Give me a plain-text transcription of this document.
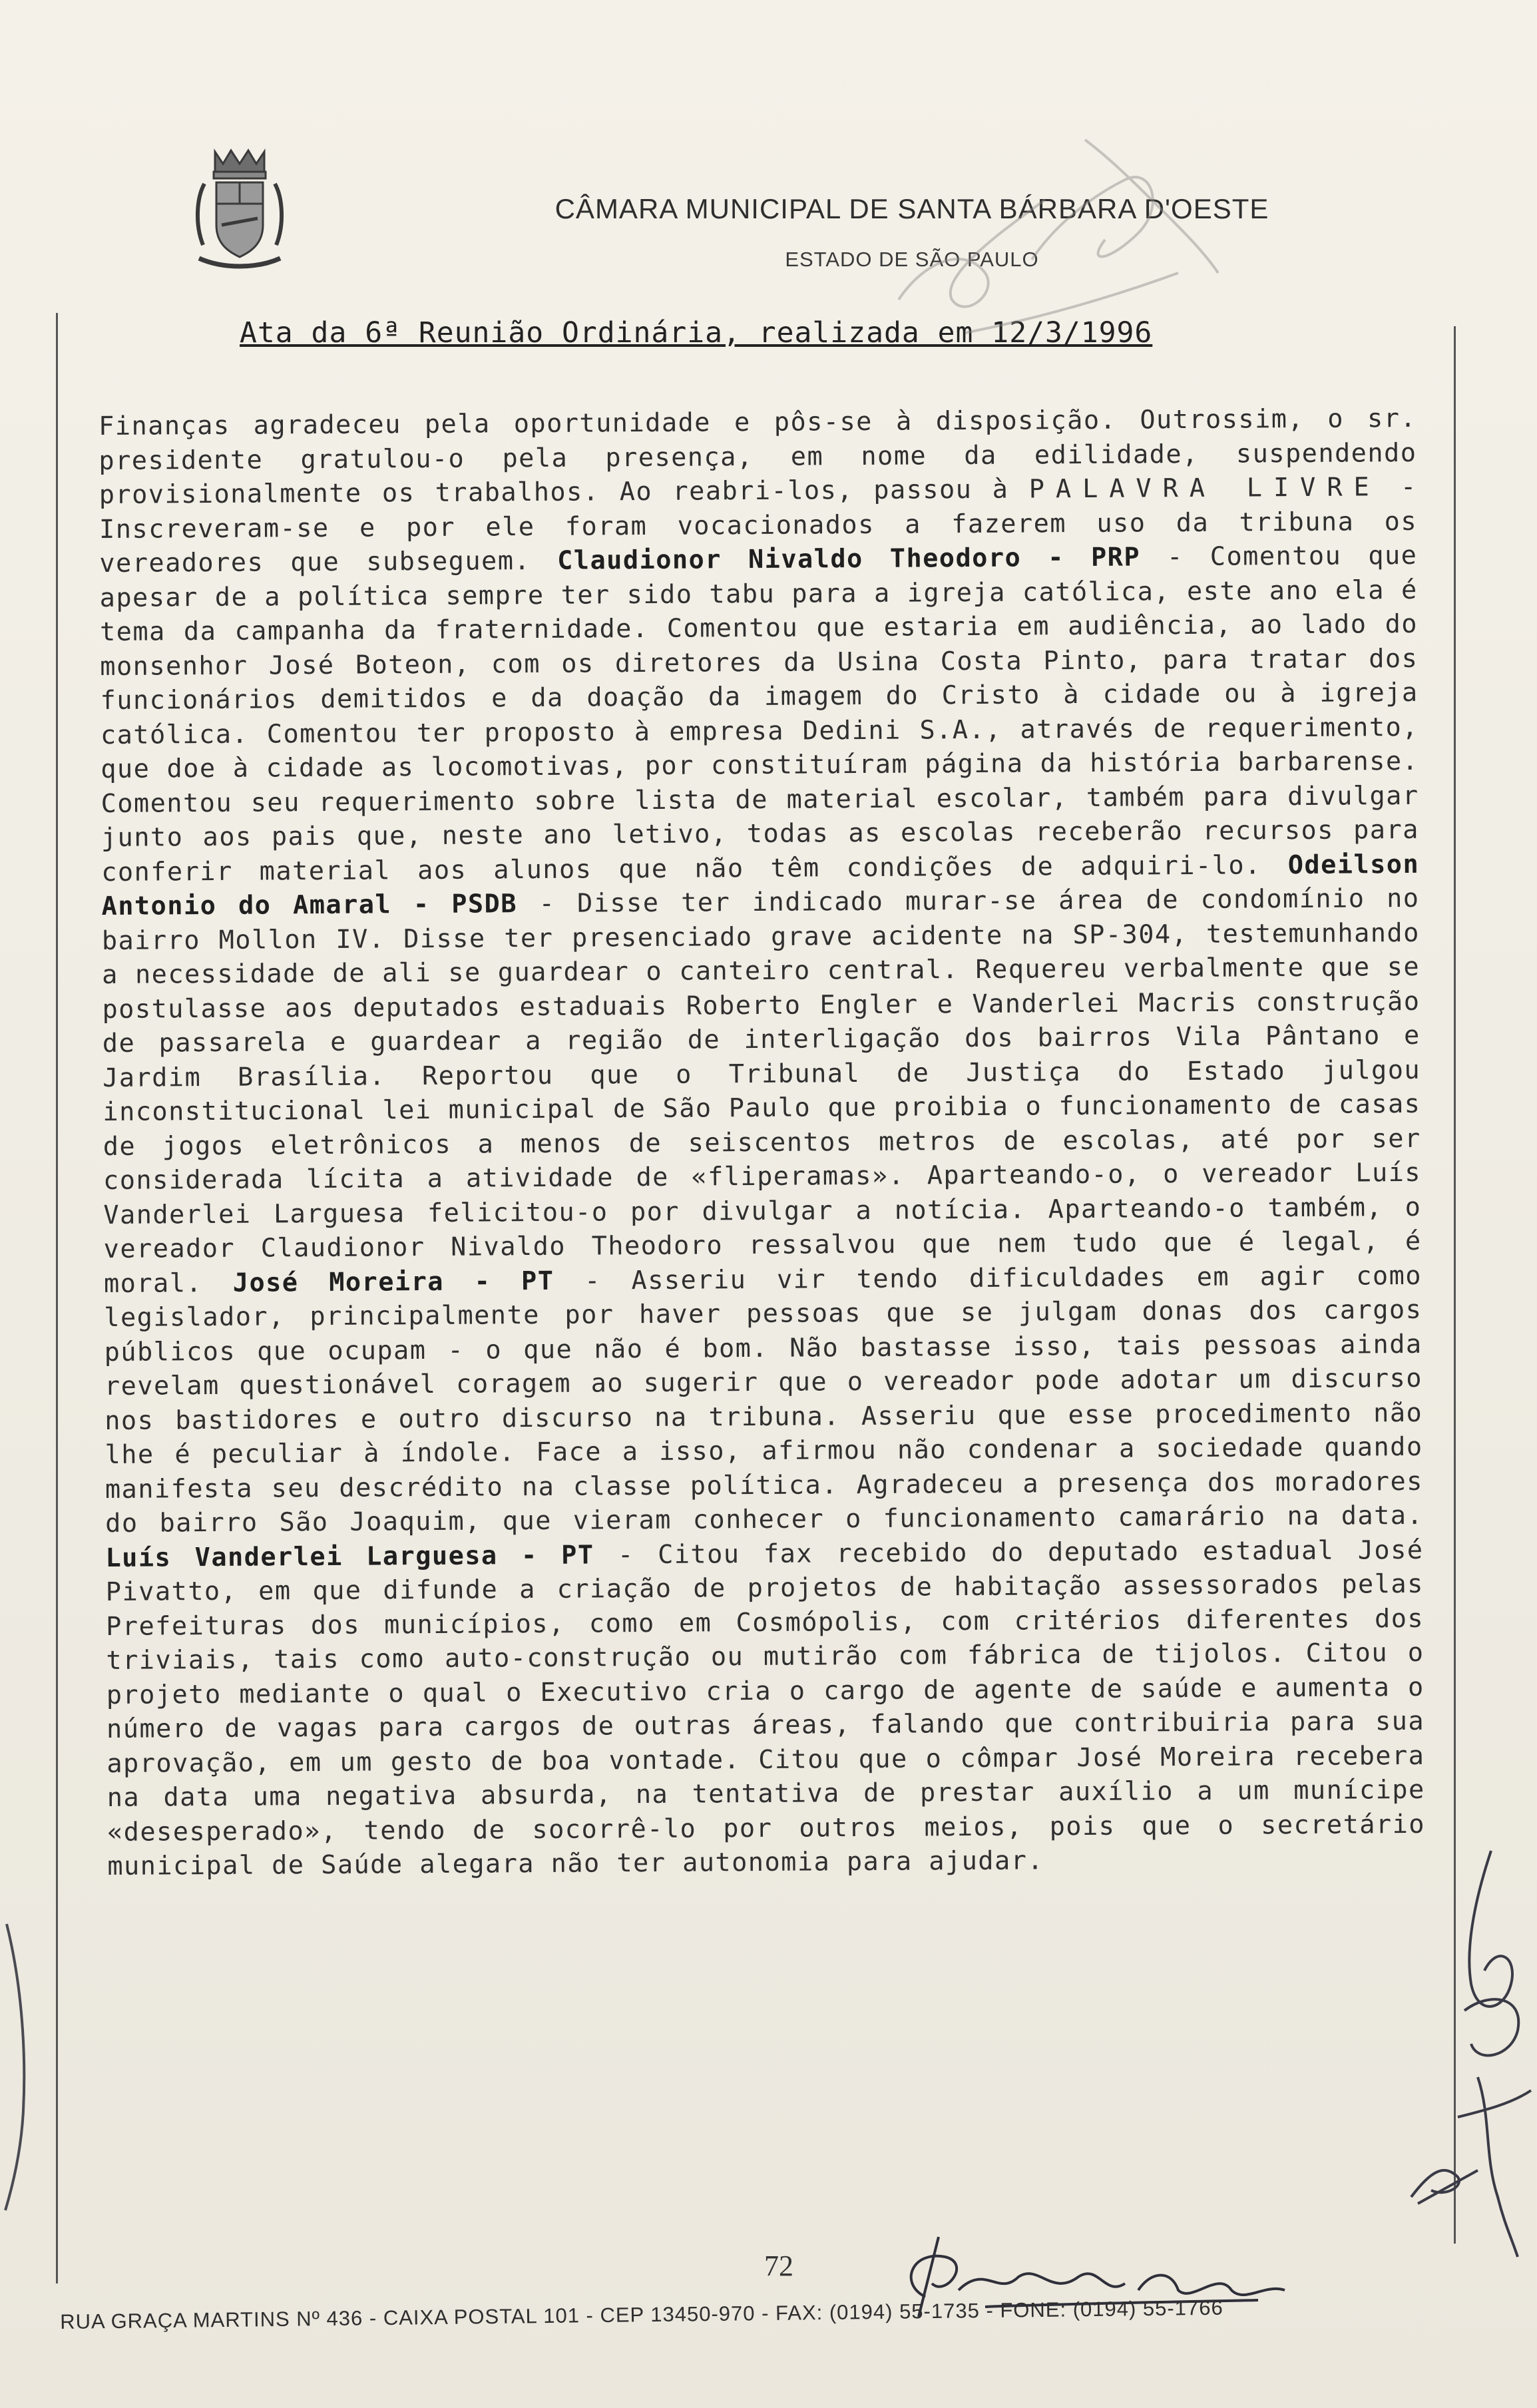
CÂMARA MUNICIPAL DE SANTA BÁRBARA D'OESTE
ESTADO DE SÃO PAULO
Ata da 6ª Reunião Ordinária, realizada em 12/3/1996
Finanças agradeceu pela oportunidade e pôs-se à disposição. Outrossim, o sr. presidente gratulou-o pela presença, em nome da edilidade, suspendendo provisionalmente os trabalhos. Ao reabri-los, passou à PALAVRA LIVRE - Inscreveram-se e por ele foram vocacionados a fazerem uso da tribuna os vereadores que subseguem. Claudionor Nivaldo Theodoro - PRP - Comentou que apesar de a política sempre ter sido tabu para a igreja católica, este ano ela é tema da campanha da fraternidade. Comentou que estaria em audiência, ao lado do monsenhor José Boteon, com os diretores da Usina Costa Pinto, para tratar dos funcionários demitidos e da doação da imagem do Cristo à cidade ou à igreja católica. Comentou ter proposto à empresa Dedini S.A., através de requerimento, que doe à cidade as locomotivas, por constituíram página da história barbarense. Comentou seu requerimento sobre lista de material escolar, também para divulgar junto aos pais que, neste ano letivo, todas as escolas receberão recursos para conferir material aos alunos que não têm condições de adquiri-lo. Odeilson Antonio do Amaral - PSDB - Disse ter indicado murar-se área de condomínio no bairro Mollon IV. Disse ter presenciado grave acidente na SP-304, testemunhando a necessidade de ali se guardear o canteiro central. Requereu verbalmente que se postulasse aos deputados estaduais Roberto Engler e Vanderlei Macris construção de passarela e guardear a região de interligação dos bairros Vila Pântano e Jardim Brasília. Reportou que o Tribunal de Justiça do Estado julgou inconstitucional lei municipal de São Paulo que proibia o funcionamento de casas de jogos eletrônicos a menos de seiscentos metros de escolas, até por ser considerada lícita a atividade de «fliperamas». Aparteando-o, o vereador Luís Vanderlei Larguesa felicitou-o por divulgar a notícia. Aparteando-o também, o vereador Claudionor Nivaldo Theodoro ressalvou que nem tudo que é legal, é moral. José Moreira - PT - Asseriu vir tendo dificuldades em agir como legislador, principalmente por haver pessoas que se julgam donas dos cargos públicos que ocupam - o que não é bom. Não bastasse isso, tais pessoas ainda revelam questionável coragem ao sugerir que o vereador pode adotar um discurso nos bastidores e outro discurso na tribuna. Asseriu que esse procedimento não lhe é peculiar à índole. Face a isso, afirmou não condenar a sociedade quando manifesta seu descrédito na classe política. Agradeceu a presença dos moradores do bairro São Joaquim, que vieram conhecer o funcionamento camarário na data. Luís Vanderlei Larguesa - PT - Citou fax recebido do deputado estadual José Pivatto, em que difunde a criação de projetos de habitação assessorados pelas Prefeituras dos municípios, como em Cosmópolis, com critérios diferentes dos triviais, tais como auto-construção ou mutirão com fábrica de tijolos. Citou o projeto mediante o qual o Executivo cria o cargo de agente de saúde e aumenta o número de vagas para cargos de outras áreas, falando que contribuiria para sua aprovação, em um gesto de boa vontade. Citou que o cômpar José Moreira recebera na data uma negativa absurda, na tentativa de prestar auxílio a um munícipe «desesperado», tendo de socorrê-lo por outros meios, pois que o secretário municipal de Saúde alegara não ter autonomia para ajudar.
72
RUA GRAÇA MARTINS Nº 436 - CAIXA POSTAL 101 - CEP 13450-970 - FAX: (0194) 55-1735 - FONE: (0194) 55-1766
